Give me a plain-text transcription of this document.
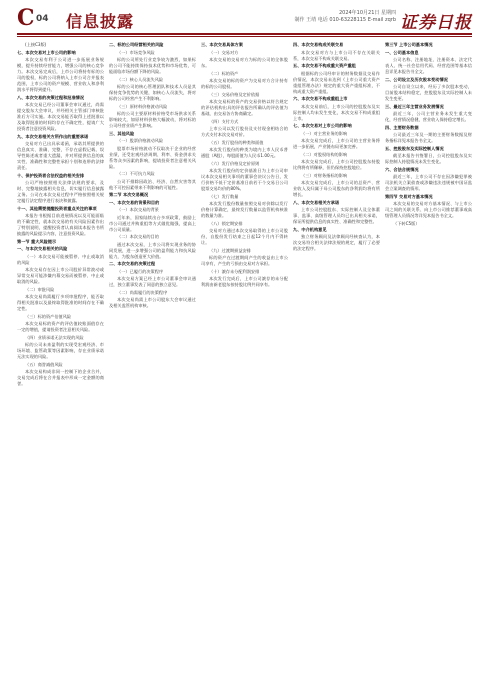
C 04 信息披露	2024年10月21日 星期四
制作 王靖 电话 010-63228115 E-mail zqrb 证券日报

(上接C3版)

七、本次交易对上市公司的影响

本次交易有利于公司进一步拓展业务规模，提升持续经营能力，增强公司的核心竞争力。本次交易完成后，上市公司将持有标的公司的股权，标的公司将纳入上市公司合并报表范围，上市公司的资产规模、营业收入和净利润水平将得到提升。

八、本次交易的决策过程和批准情况

本次交易已经公司董事会审议通过，尚需提交股东大会审议，并经相关主管部门审核批准后方可实施。本次交易能否取得上述批准以及取得批准的时间均存在不确定性，提请广大投资者注意投资风险。

九、本次交易相关方所作出的重要承诺

交易对方已出具承诺函，承诺其所提供的信息真实、准确、完整，不存在虚假记载、误导性陈述或者重大遗漏，并对所提供信息的真实性、准确性和完整性承担个别和连带的法律责任。

十、保护投资者合法权益的相关安排

公司严格按照相关法律法规的要求，及时、完整地披露相关信息，切实履行信息披露义务。公司在本次交易过程中严格按照相关规定履行法定程序进行表决和披露。

十一、其他需要提醒投资者重点关注的事项

本报告书根据目前进展情况以及可能面临的不确定性，就本次交易的有关风险因素作出了特别说明，提醒投资者认真阅读本报告书所披露的风险提示内容，注意投资风险。

第一节 重大风险提示

一、与本次交易相关的风险

（一）本次交易可能被暂停、中止或取消的风险

本次交易存在因上市公司股价异常波动或异常交易可能涉嫌内幕交易而被暂停、中止或取消的风险。

（二）审批风险

本次交易尚需履行多项审批程序，能否取得相关批准以及最终取得批准的时间存在不确定性。

（三）标的资产估值风险

本次交易标的资产的评估值较账面值存在一定的增值，提请投资者注意相关风险。

（四）业绩承诺无法实现的风险

标的公司未来盈利的实现受宏观经济、市场环境、监管政策等因素影响，存在业绩承诺无法实现的风险。

（五）商誉减值风险

本次交易构成非同一控制下的企业合并，交易完成后将在合并报表中形成一定金额的商誉。

二、标的公司经营相关的风险

（一）市场竞争风险

标的公司所处行业竞争较为激烈，如果标的公司不能持续保持技术优势和市场优势，可能面临市场份额下降的风险。

（二）核心人员流失风险

标的公司的核心管理团队和技术人员是其保持竞争优势的关键，如核心人员流失，将对标的公司经营产生不利影响。

（三）原材料价格波动风险

标的公司主要原材料价格受市场供求关系影响较大，如原材料价格大幅波动，将对标的公司经营业绩产生影响。

三、其他风险

（一）股票价格波动风险

股票市场价格波动不仅取决于企业的经营业绩，还受宏观经济周期、利率、资金供求关系等众多因素的影响，提请投资者注意相关风险。

（二）不可抗力风险

公司不排除因政治、经济、自然灾害等其他不可控因素带来不利影响的可能性。

第二节 本次交易概况

一、本次交易的背景和目的

（一）本次交易的背景

近年来，国家陆续出台多项政策，鼓励上市公司通过并购重组等方式做优做强，提高上市公司质量。

（二）本次交易的目的

通过本次交易，上市公司将实现业务的协同发展，进一步增强公司的盈利能力和抗风险能力，为股东创造更大价值。

二、本次交易的决策过程

（一）已履行的决策程序

本次交易方案已经上市公司董事会审议通过，独立董事发表了同意的独立意见。

（二）尚需履行的决策程序

本次交易尚需上市公司股东大会审议通过及相关监管机构审核。

三、本次交易具体方案

（一）交易对方

本次交易的交易对方为标的公司的全体股东。

（二）标的资产

本次交易的标的资产为交易对方合计持有的标的公司股权。

（三）交易价格及定价依据

本次交易标的资产的交易价格以符合规定的评估机构出具的评估报告所确认的评估值为基础，由交易各方协商确定。

（四）支付方式

上市公司以发行股份及支付现金相结合的方式支付本次交易对价。

（五）发行股份的种类和面值

本次发行股份的种类为境内上市人民币普通股（A股），每股面值为人民币1.00元。

（六）发行价格及定价原则

本次发行股份的定价基准日为上市公司审议本次交易相关事项的董事会决议公告日，发行价格不低于定价基准日前若干个交易日公司股票交易均价的80%。

（七）发行数量

本次发行股份数量按照交易对价除以发行价格计算确定，最终发行数量以监管机构核准的数量为准。

（八）锁定期安排

交易对方通过本次交易取得的上市公司股份，自股份发行结束之日起12个月内不得转让。

（九）过渡期损益安排

标的资产在过渡期间产生的收益由上市公司享有，产生的亏损由交易对方承担。

（十）滚存未分配利润安排

本次发行完成后，上市公司滚存的未分配利润由新老股东按持股比例共同享有。

四、本次交易构成关联交易

本次交易对方与上市公司不存在关联关系，本次交易不构成关联交易。

五、本次交易不构成重大资产重组

根据标的公司经审计的财务数据及交易作价情况，本次交易未达到《上市公司重大资产重组管理办法》规定的重大资产重组标准，不构成重大资产重组。

六、本次交易不构成重组上市

本次交易前后，上市公司的控股股东及实际控制人均未发生变化，本次交易不构成重组上市。

七、本次交易对上市公司的影响

（一）对主营业务的影响

本次交易完成后，上市公司的主营业务将进一步拓展，产业链布局更加完善。

（二）对股权结构的影响

本次交易完成后，上市公司控股股东持股比例将有所稀释，但仍保持控股地位。

（三）对财务指标的影响

本次交易完成后，上市公司的总资产、营业收入及归属于母公司股东的净利润均将有所增长。

八、本次交易相关方承诺

上市公司控股股东、实际控制人及全体董事、监事、高级管理人员均已出具相关承诺，保证所提供信息的真实性、准确性和完整性。

九、中介机构意见

独立财务顾问及法律顾问经核查认为，本次交易符合相关法律法规的规定，履行了必要的法定程序。

第三节 上市公司基本情况

一、公司基本信息

公司名称、注册地址、注册资本、法定代表人、统一社会信用代码、经营范围等基本信息详见本报告书全文。

二、公司设立及历次股本变动情况

公司自设立以来，经历了多次股本变动，目前股本结构稳定，控股股东及实际控制人未发生变更。

三、最近三年主营业务发展情况

最近三年，公司主营业务未发生重大变化，经营情况稳健，营业收入保持稳定增长。

四、主要财务数据

公司最近三年及一期的主要财务数据及财务指标详见本报告书全文。

五、控股股东及实际控制人情况

截至本报告书签署日，公司控股股东及实际控制人持股情况未发生变化。

六、合法合规情况

最近三年，上市公司不存在因涉嫌犯罪被司法机关立案侦查或涉嫌违法违规被中国证监会立案调查的情形。

第四节 交易对方基本情况

本次交易的交易对方基本情况、与上市公司之间的关联关系、向上市公司推荐董事或高级管理人员情况等详见本报告书全文。

（下转C5版）
